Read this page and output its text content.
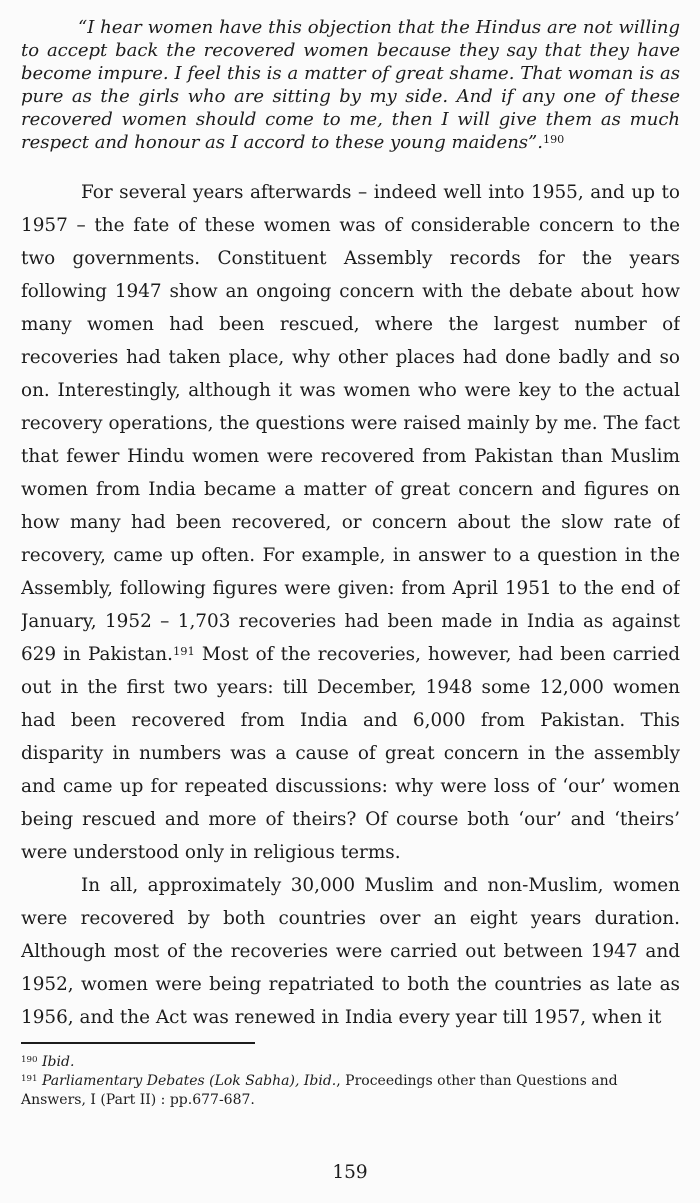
“I hear women have this objection that the Hindus are not willing to accept back the recovered women because they say that they have become impure. I feel this is a matter of great shame. That woman is as pure as the girls who are sitting by my side. And if any one of these recovered women should come to me, then I will give them as much respect and honour as I accord to these young maidens”.$^{190}$

For several years afterwards – indeed well into 1955, and up to 1957 – the fate of these women was of considerable concern to the two governments. Constituent Assembly records for the years following 1947 show an ongoing concern with the debate about how many women had been rescued, where the largest number of recoveries had taken place, why other places had done badly and so on. Interestingly, although it was women who were key to the actual recovery operations, the questions were raised mainly by me. The fact that fewer Hindu women were recovered from Pakistan than Muslim women from India became a matter of great concern and figures on how many had been recovered, or concern about the slow rate of recovery, came up often. For example, in answer to a question in the Assembly, following figures were given: from April 1951 to the end of January, 1952 – 1,703 recoveries had been made in India as against 629 in Pakistan.$^{191}$ Most of the recoveries, however, had been carried out in the first two years: till December, 1948 some 12,000 women had been recovered from India and 6,000 from Pakistan. This disparity in numbers was a cause of great concern in the assembly and came up for repeated discussions: why were loss of ‘our’ women being rescued and more of theirs? Of course both ‘our’ and ‘theirs’ were understood only in religious terms.

In all, approximately 30,000 Muslim and non-Muslim, women were recovered by both countries over an eight years duration. Although most of the recoveries were carried out between 1947 and 1952, women were being repatriated to both the countries as late as 1956, and the Act was renewed in India every year till 1957, when it

$^{190}$ Ibid.

$^{191}$ Parliamentary Debates (Lok Sabha), Ibid., Proceedings other than Questions and Answers, I (Part II) : pp.677-687.

159
